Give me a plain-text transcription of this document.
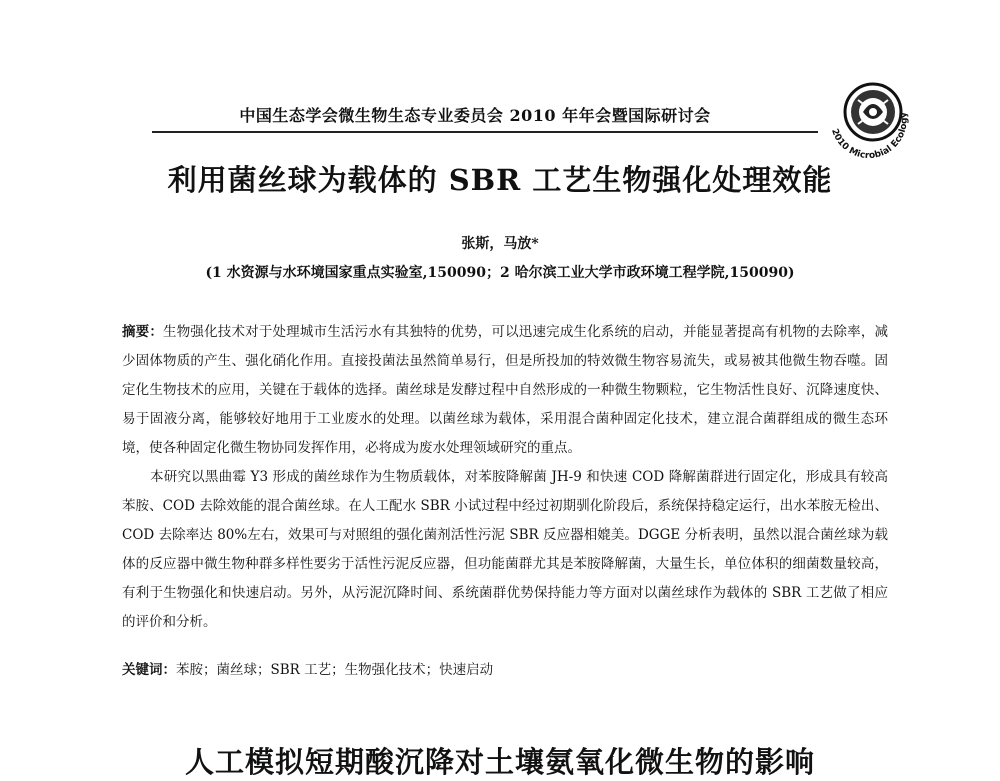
中国生态学会微生物生态专业委员会 2010 年年会暨国际研讨会
2010 Microbial Ecology
利用菌丝球为载体的 SBR 工艺生物强化处理效能
张斯，马放*
(1 水资源与水环境国家重点实验室,150090；2 哈尔滨工业大学市政环境工程学院,150090)

摘要：生物强化技术对于处理城市生活污水有其独特的优势，可以迅速完成生化系统的启动，并能显著提高有机物的去除率，减少固体物质的产生、强化硝化作用。直接投菌法虽然简单易行，但是所投加的特效微生物容易流失，或易被其他微生物吞噬。固定化生物技术的应用，关键在于载体的选择。菌丝球是发酵过程中自然形成的一种微生物颗粒，它生物活性良好、沉降速度快、易于固液分离，能够较好地用于工业废水的处理。以菌丝球为载体，采用混合菌种固定化技术，建立混合菌群组成的微生态环境，使各种固定化微生物协同发挥作用，必将成为废水处理领域研究的重点。

本研究以黑曲霉 Y3 形成的菌丝球作为生物质载体，对苯胺降解菌 JH-9 和快速 COD 降解菌群进行固定化，形成具有较高苯胺、COD 去除效能的混合菌丝球。在人工配水 SBR 小试过程中经过初期驯化阶段后，系统保持稳定运行，出水苯胺无检出、COD 去除率达 80%左右，效果可与对照组的强化菌剂活性污泥 SBR 反应器相媲美。DGGE 分析表明，虽然以混合菌丝球为载体的反应器中微生物种群多样性要劣于活性污泥反应器，但功能菌群尤其是苯胺降解菌，大量生长，单位体积的细菌数量较高，有利于生物强化和快速启动。另外，从污泥沉降时间、系统菌群优势保持能力等方面对以菌丝球作为载体的 SBR 工艺做了相应的评价和分析。

关键词：苯胺；菌丝球；SBR 工艺；生物强化技术；快速启动
人工模拟短期酸沉降对土壤氨氧化微生物的影响
